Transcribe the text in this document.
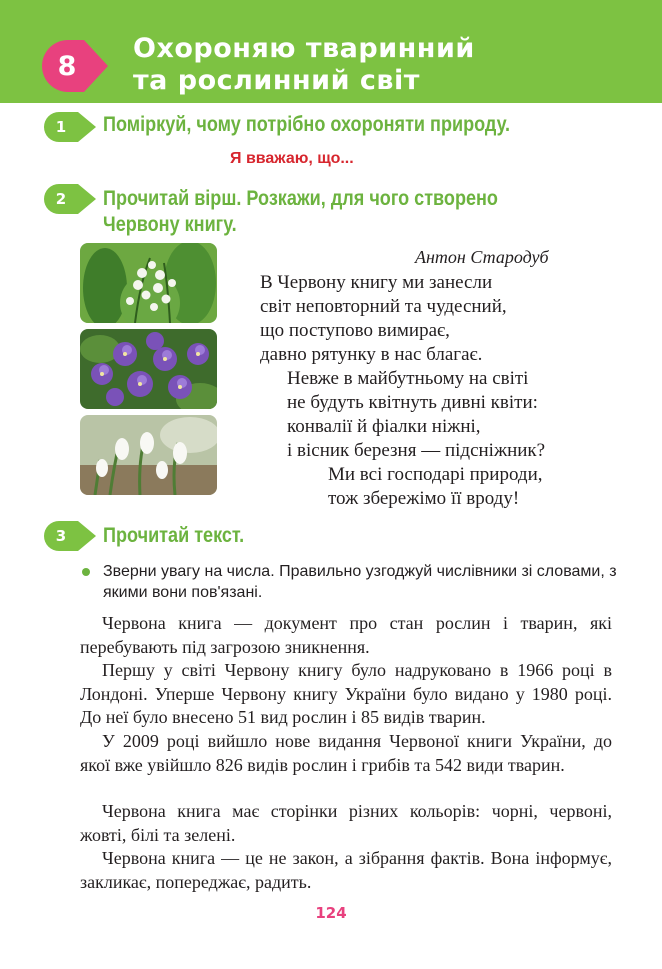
8
Охороняю тваринний
та рослинний світ
1	Поміркуй, чому потрібно охороняти природу.
Я вважаю, що...
2	Прочитай вірш. Розкажи, для чого створено
Червону книгу.
Антон Стародуб
В Червону книгу ми занесли
світ неповторний та чудесний,
що поступово вимирає,
давно рятунку в нас благає.
Невже в майбутньому на світі
не будуть квітнуть дивні квіти:
конвалії й фіалки ніжні,
і вісник березня — підсніжник?
Ми всі господарі природи,
тож збережімо її вроду!
3	Прочитай текст.
Зверни увагу на числа. Правильно узгоджуй числівники зі словами, з якими вони пов'язані.
Червона книга — документ про стан рослин і тварин, які перебувають під загрозою зникнення.
Першу у світі Червону книгу було надруковано в 1966 році в Лондоні. Уперше Червону книгу України було видано у 1980 році. До неї було внесено 51 вид рослин і 85 видів тварин.
У 2009 році вийшло нове видання Червоної книги України, до якої вже увійшло 826 видів рослин і грибів та 542 види тварин.
Червона книга має сторінки різних кольорів: чорні, червоні, жовті, білі та зелені.
Червона книга — це не закон, а зібрання фактів. Вона інформує, закликає, попереджає, радить.
124
